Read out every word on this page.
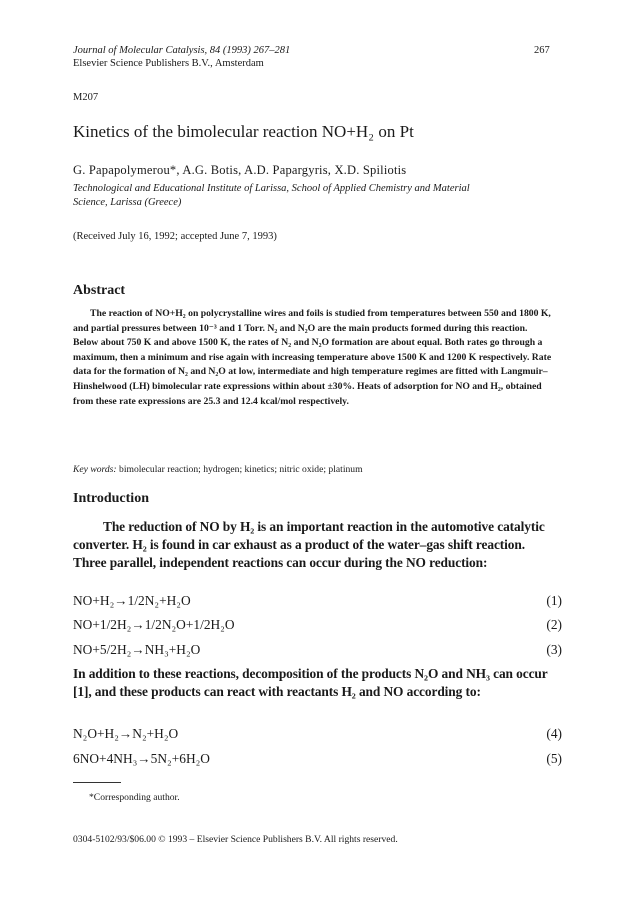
Journal of Molecular Catalysis, 84 (1993) 267–281
Elsevier Science Publishers B.V., Amsterdam
267
M207
Kinetics of the bimolecular reaction NO+H₂ on Pt
G. Papapolymerou*, A.G. Botis, A.D. Papargyris, X.D. Spiliotis
Technological and Educational Institute of Larissa, School of Applied Chemistry and Material
Science, Larissa (Greece)
(Received July 16, 1992; accepted June 7, 1993)
Abstract
The reaction of NO+H₂ on polycrystalline wires and foils is studied from temperatures between 550 and 1800 K, and partial pressures between 10⁻³ and 1 Torr. N₂ and N₂O are the main products formed during this reaction. Below about 750 K and above 1500 K, the rates of N₂ and N₂O formation are about equal. Both rates go through a maximum, then a minimum and rise again with increasing temperature above 1500 K and 1200 K respectively. Rate data for the formation of N₂ and N₂O at low, intermediate and high temperature regimes are fitted with Langmuir–Hinshelwood (LH) bimolecular rate expressions within about ±30%. Heats of adsorption for NO and H₂, obtained from these rate expressions are 25.3 and 12.4 kcal/mol respectively.
Key words: bimolecular reaction; hydrogen; kinetics; nitric oxide; platinum
Introduction
The reduction of NO by H₂ is an important reaction in the automotive catalytic converter. H₂ is found in car exhaust as a product of the water–gas shift reaction. Three parallel, independent reactions can occur during the NO reduction:
NO+H₂→1/2N₂+H₂O	(1)
NO+1/2H₂→1/2N₂O+1/2H₂O	(2)
NO+5/2H₂→NH₃+H₂O	(3)
In addition to these reactions, decomposition of the products N₂O and NH₃ can occur [1], and these products can react with reactants H₂ and NO according to:
N₂O+H₂→N₂+H₂O	(4)
6NO+4NH₃→5N₂+6H₂O	(5)
*Corresponding author.
0304-5102/93/$06.00 © 1993 – Elsevier Science Publishers B.V. All rights reserved.
